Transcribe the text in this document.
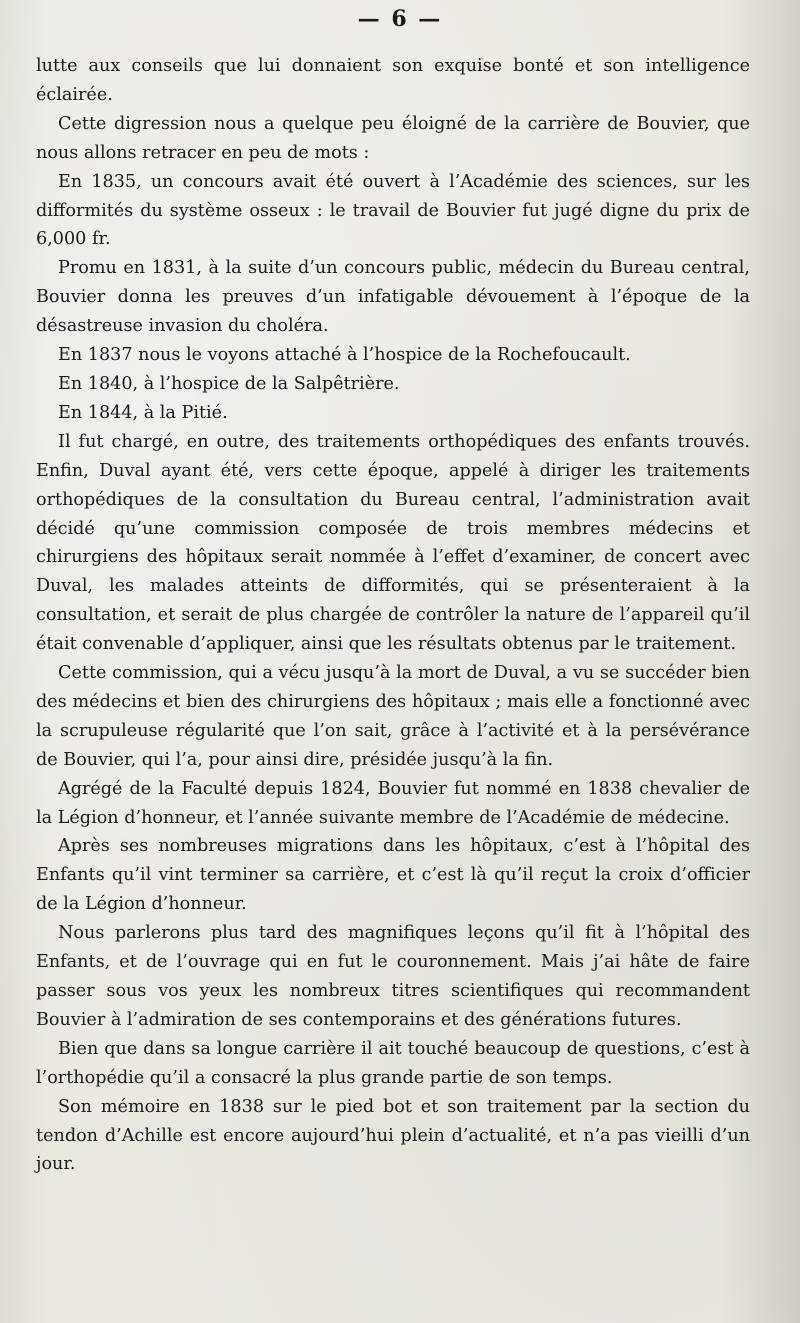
— 6 —

lutte aux conseils que lui donnaient son exquise bonté et son intelligence éclairée.

Cette digression nous a quelque peu éloigné de la carrière de Bouvier, que nous allons retracer en peu de mots :

En 1835, un concours avait été ouvert à l’Académie des sciences, sur les difformités du système osseux : le travail de Bouvier fut jugé digne du prix de 6,000 fr.

Promu en 1831, à la suite d’un concours public, médecin du Bureau central, Bouvier donna les preuves d’un infatigable dévouement à l’époque de la désastreuse invasion du choléra.

En 1837 nous le voyons attaché à l’hospice de la Rochefoucault.

En 1840, à l’hospice de la Salpêtrière.

En 1844, à la Pitié.

Il fut chargé, en outre, des traitements orthopédiques des enfants trouvés. Enfin, Duval ayant été, vers cette époque, appelé à diriger les traitements orthopédiques de la consultation du Bureau central, l’administration avait décidé qu’une commission composée de trois membres médecins et chirurgiens des hôpitaux serait nommée à l’effet d’examiner, de concert avec Duval, les malades atteints de difformités, qui se présenteraient à la consultation, et serait de plus chargée de contrôler la nature de l’appareil qu’il était convenable d’appliquer, ainsi que les résultats obtenus par le traitement.

Cette commission, qui a vécu jusqu’à la mort de Duval, a vu se succéder bien des médecins et bien des chirurgiens des hôpitaux ; mais elle a fonctionné avec la scrupuleuse régularité que l’on sait, grâce à l’activité et à la persévérance de Bouvier, qui l’a, pour ainsi dire, présidée jusqu’à la fin.

Agrégé de la Faculté depuis 1824, Bouvier fut nommé en 1838 chevalier de la Légion d’honneur, et l’année suivante membre de l’Académie de médecine.

Après ses nombreuses migrations dans les hôpitaux, c’est à l’hôpital des Enfants qu’il vint terminer sa carrière, et c’est là qu’il reçut la croix d’officier de la Légion d’honneur.

Nous parlerons plus tard des magnifiques leçons qu’il fit à l’hôpital des Enfants, et de l’ouvrage qui en fut le couronnement. Mais j’ai hâte de faire passer sous vos yeux les nombreux titres scientifiques qui recommandent Bouvier à l’admiration de ses contemporains et des générations futures.

Bien que dans sa longue carrière il ait touché beaucoup de questions, c’est à l’orthopédie qu’il a consacré la plus grande partie de son temps.

Son mémoire en 1838 sur le pied bot et son traitement par la section du tendon d’Achille est encore aujourd’hui plein d’actualité, et n’a pas vieilli d’un jour.
